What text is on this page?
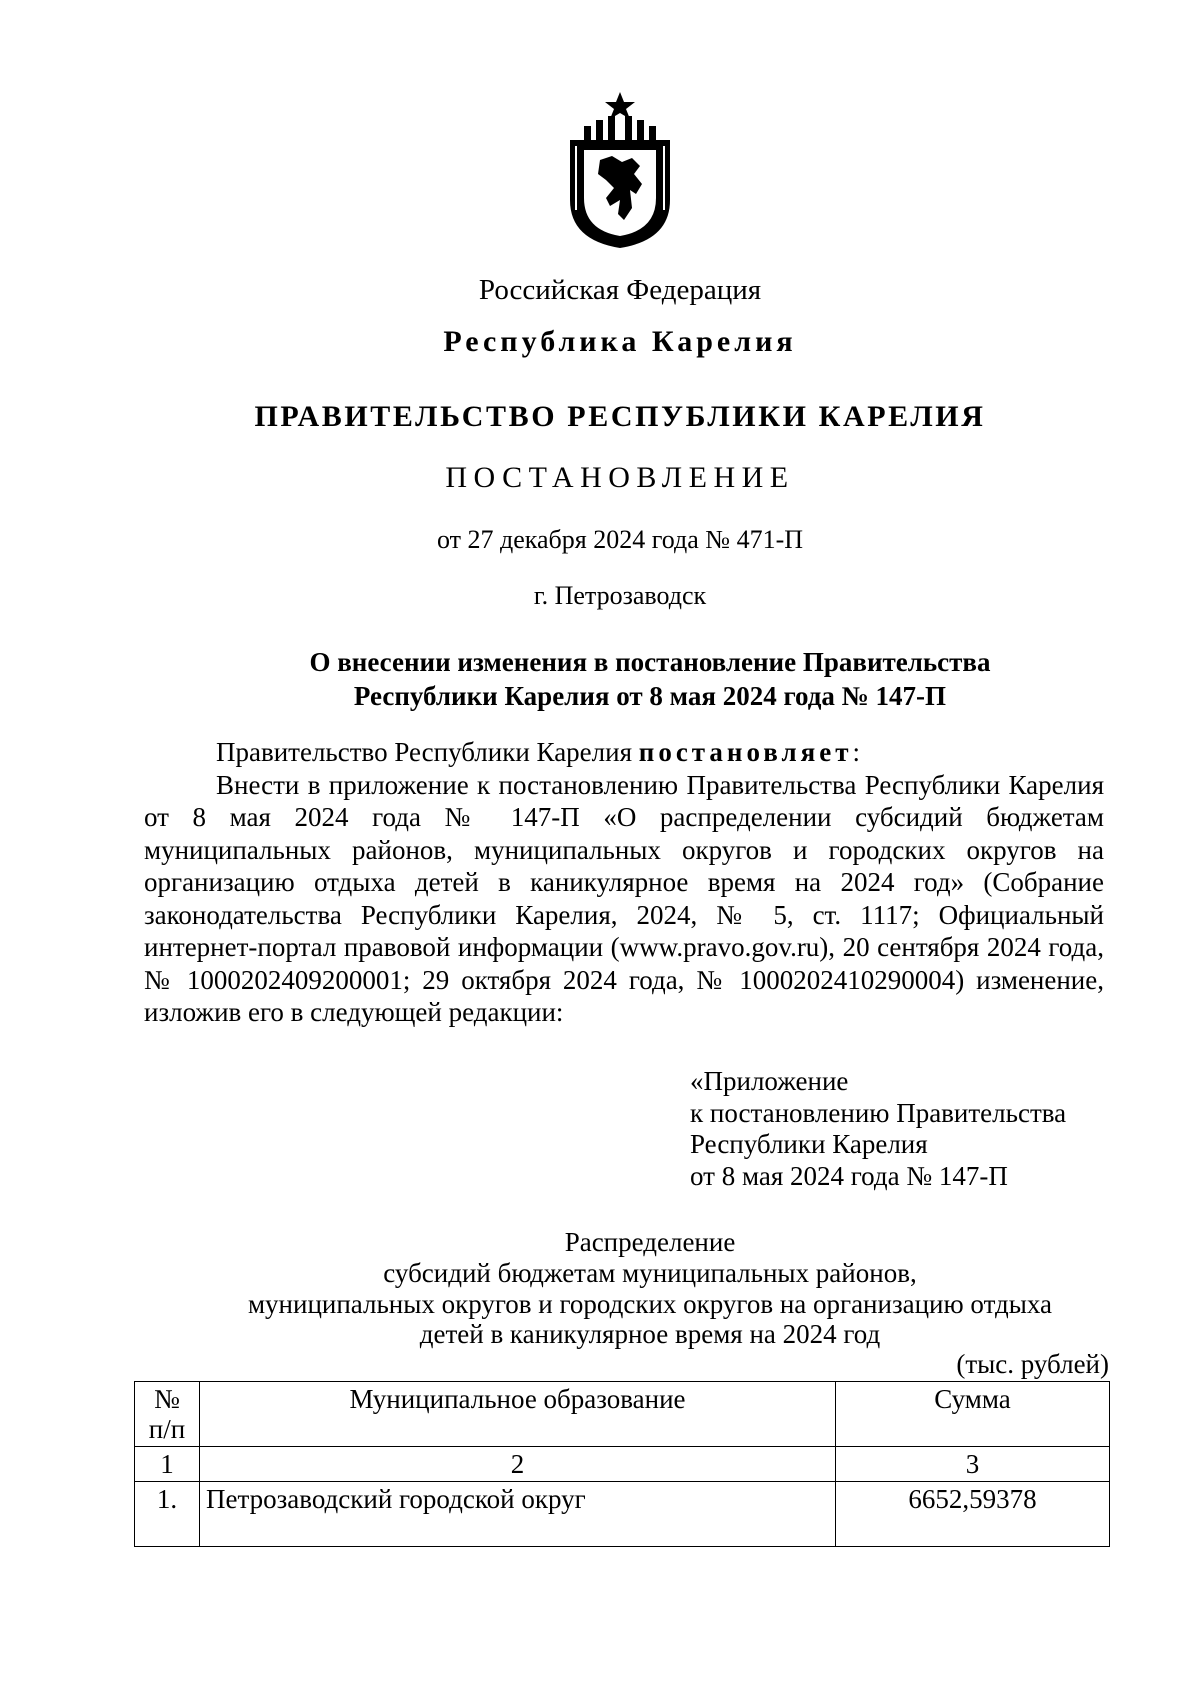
Российская Федерация
Республика Карелия
ПРАВИТЕЛЬСТВО РЕСПУБЛИКИ КАРЕЛИЯ
ПОСТАНОВЛЕНИЕ
от 27 декабря 2024 года № 471-П
г. Петрозаводск
О внесении изменения в постановление Правительства
Республики Карелия от 8 мая 2024 года № 147-П

Правительство Республики Карелия постановляет:

Внести в приложение к постановлению Правительства Республики Карелия от 8 мая 2024 года № 147-П «О распределении субсидий бюджетам муниципальных районов, муниципальных округов и городских округов на организацию отдыха детей в каникулярное время на 2024 год» (Собрание законодательства Республики Карелия, 2024, № 5, ст. 1117; Официальный интернет-портал правовой информации (www.pravo.gov.ru), 20 сентября 2024 года, № 1000202409200001; 29 октября 2024 года, № 1000202410290004) изменение, изложив его в следующей редакции:

«Приложение
к постановлению Правительства
Республики Карелия
от 8 мая 2024 года № 147-П
Распределение
субсидий бюджетам муниципальных районов,
муниципальных округов и городских округов на организацию отдыха
детей в каникулярное время на 2024 год
(тыс. рублей)
№
п/п	Муниципальное образование	Сумма
1	2	3
1.	Петрозаводский городской округ	6652,59378
